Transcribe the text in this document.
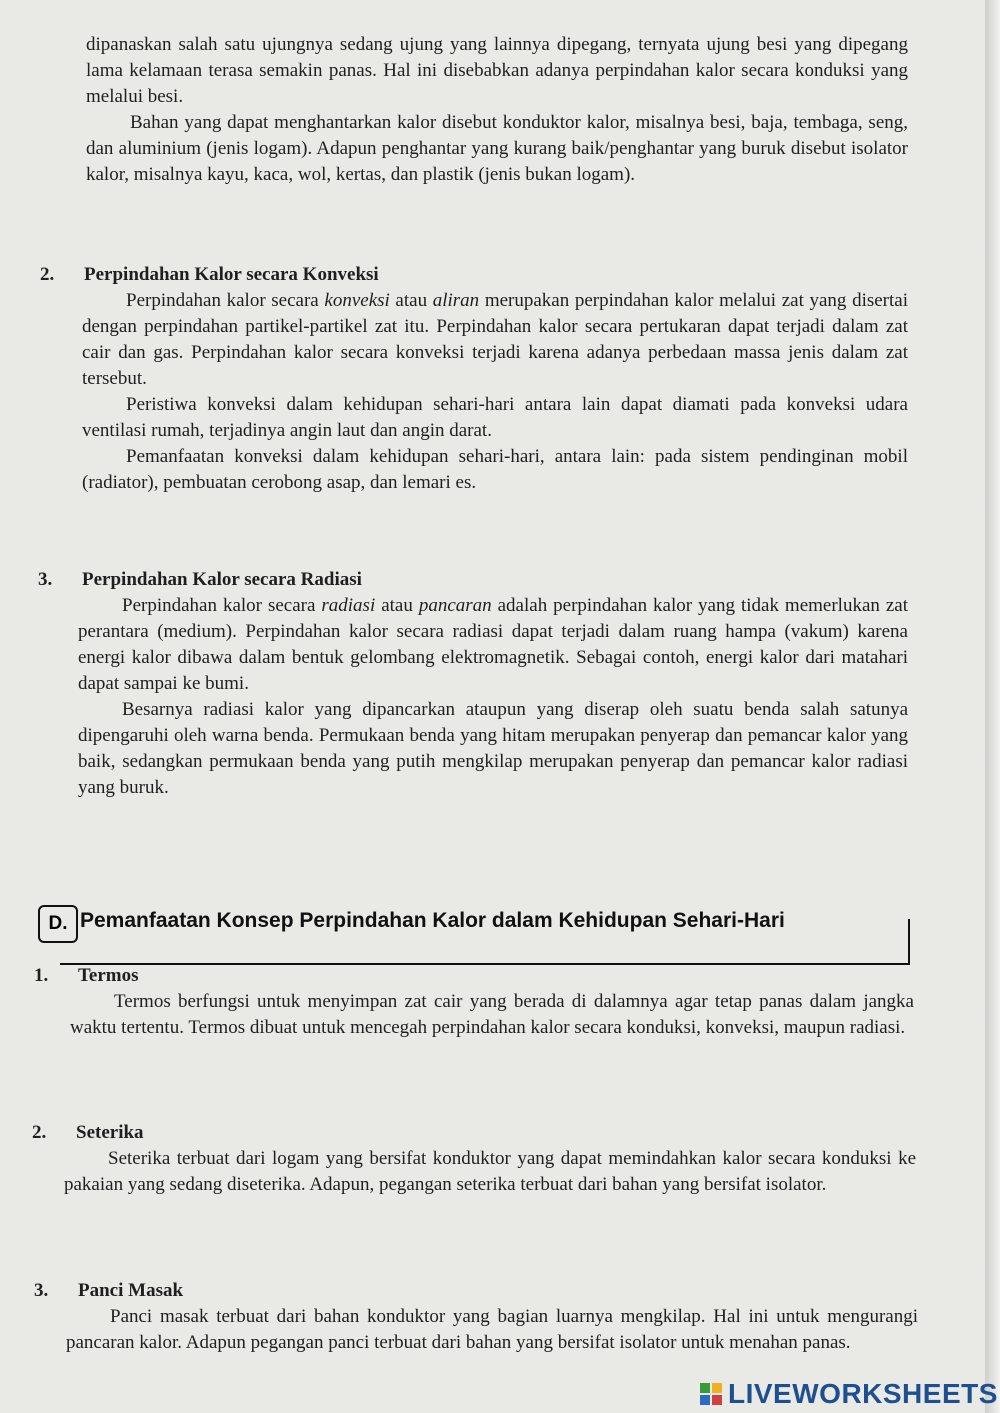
dipanaskan salah satu ujungnya sedang ujung yang lainnya dipegang, ternyata ujung besi yang dipegang lama kelamaan terasa semakin panas. Hal ini disebabkan adanya perpindahan kalor secara konduksi yang melalui besi.

Bahan yang dapat menghantarkan kalor disebut konduktor kalor, misalnya besi, baja, tembaga, seng, dan aluminium (jenis logam). Adapun penghantar yang kurang baik/penghantar yang buruk disebut isolator kalor, misalnya kayu, kaca, wol, kertas, dan plastik (jenis bukan logam).

2. Perpindahan Kalor secara Konveksi

Perpindahan kalor secara konveksi atau aliran merupakan perpindahan kalor melalui zat yang disertai dengan perpindahan partikel-partikel zat itu. Perpindahan kalor secara pertukaran dapat terjadi dalam zat cair dan gas. Perpindahan kalor secara konveksi terjadi karena adanya perbedaan massa jenis dalam zat tersebut.

Peristiwa konveksi dalam kehidupan sehari-hari antara lain dapat diamati pada konveksi udara ventilasi rumah, terjadinya angin laut dan angin darat.

Pemanfaatan konveksi dalam kehidupan sehari-hari, antara lain: pada sistem pendinginan mobil (radiator), pembuatan cerobong asap, dan lemari es.

3. Perpindahan Kalor secara Radiasi

Perpindahan kalor secara radiasi atau pancaran adalah perpindahan kalor yang tidak memerlukan zat perantara (medium). Perpindahan kalor secara radiasi dapat terjadi dalam ruang hampa (vakum) karena energi kalor dibawa dalam bentuk gelombang elektromagnetik. Sebagai contoh, energi kalor dari matahari dapat sampai ke bumi.

Besarnya radiasi kalor yang dipancarkan ataupun yang diserap oleh suatu benda salah satunya dipengaruhi oleh warna benda. Permukaan benda yang hitam merupakan penyerap dan pemancar kalor yang baik, sedangkan permukaan benda yang putih mengkilap merupakan penyerap dan pemancar kalor radiasi yang buruk.

D. Pemanfaatan Konsep Perpindahan Kalor dalam Kehidupan Sehari-Hari
1. Termos

Termos berfungsi untuk menyimpan zat cair yang berada di dalamnya agar tetap panas dalam jangka waktu tertentu. Termos dibuat untuk mencegah perpindahan kalor secara konduksi, konveksi, maupun radiasi.

2. Seterika

Seterika terbuat dari logam yang bersifat konduktor yang dapat memindahkan kalor secara konduksi ke pakaian yang sedang diseterika. Adapun, pegangan seterika terbuat dari bahan yang bersifat isolator.

3. Panci Masak

Panci masak terbuat dari bahan konduktor yang bagian luarnya mengkilap. Hal ini untuk mengurangi pancaran kalor. Adapun pegangan panci terbuat dari bahan yang bersifat isolator untuk menahan panas.

LIVEWORKSHEETS
